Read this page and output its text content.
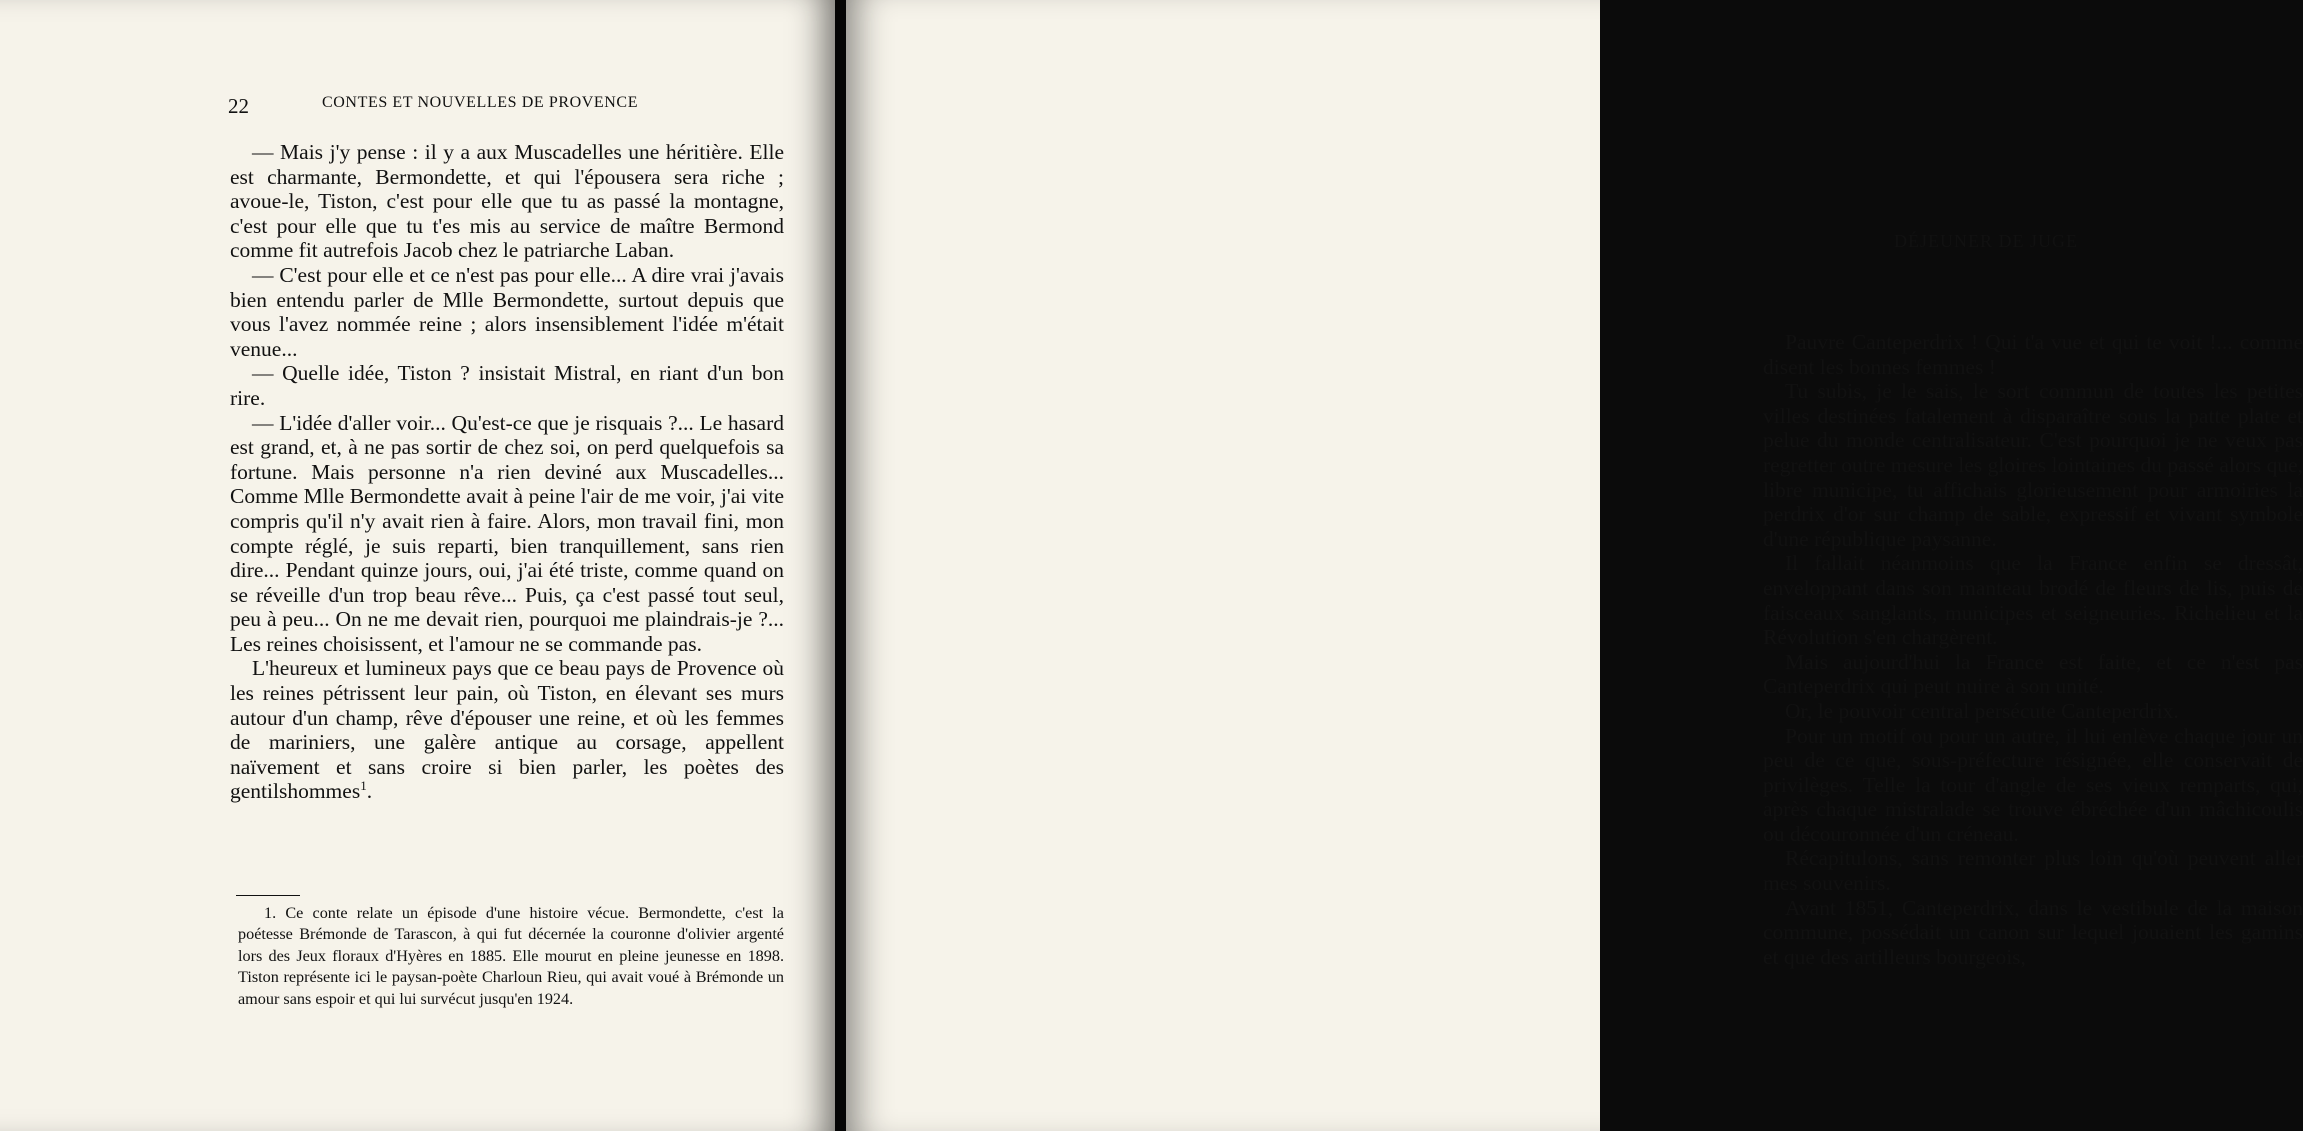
22	CONTES ET NOUVELLES DE PROVENCE

— Mais j'y pense : il y a aux Muscadelles une héritière. Elle est charmante, Bermondette, et qui l'épousera sera riche ; avoue-le, Tiston, c'est pour elle que tu as passé la montagne, c'est pour elle que tu t'es mis au service de maître Bermond comme fit autrefois Jacob chez le patriarche Laban.

— C'est pour elle et ce n'est pas pour elle... A dire vrai j'avais bien entendu parler de Mlle Bermondette, surtout depuis que vous l'avez nommée reine ; alors insensiblement l'idée m'était venue...

— Quelle idée, Tiston ? insistait Mistral, en riant d'un bon rire.

— L'idée d'aller voir... Qu'est-ce que je risquais ?... Le hasard est grand, et, à ne pas sortir de chez soi, on perd quelquefois sa fortune. Mais personne n'a rien deviné aux Muscadelles... Comme Mlle Bermondette avait à peine l'air de me voir, j'ai vite compris qu'il n'y avait rien à faire. Alors, mon travail fini, mon compte réglé, je suis reparti, bien tranquillement, sans rien dire... Pendant quinze jours, oui, j'ai été triste, comme quand on se réveille d'un trop beau rêve... Puis, ça c'est passé tout seul, peu à peu... On ne me devait rien, pourquoi me plaindrais-je ?... Les reines choisissent, et l'amour ne se commande pas.

L'heureux et lumineux pays que ce beau pays de Provence où les reines pétrissent leur pain, où Tiston, en élevant ses murs autour d'un champ, rêve d'épouser une reine, et où les femmes de mariniers, une galère antique au corsage, appellent naïvement et sans croire si bien parler, les poètes des gentilshommes$^1$.

1. Ce conte relate un épisode d'une histoire vécue. Bermondette, c'est la poétesse Brémonde de Tarascon, à qui fut décernée la couronne d'olivier argenté lors des Jeux floraux d'Hyères en 1885. Elle mourut en pleine jeunesse en 1898. Tiston représente ici le paysan-poète Charloun Rieu, qui avait voué à Brémonde un amour sans espoir et qui lui survécut jusqu'en 1924.

DÉJEUNER DE JUGE

Pauvre Canteperdrix ! Qui t'a vue et qui te voit !... comme disent les bonnes femmes !

Tu subis, je le sais, le sort commun de toutes les petites villes destinées fatalement à disparaître sous la patte plate et pelue du monde centralisateur. C'est pourquoi je ne veux pas regretter outre mesure les gloires lointaines du passé alors que, libre municipe, tu affichais glorieusement pour armoiries la perdrix d'or sur champ de sable, expressif et vivant symbole d'une république paysanne.

Il fallait néanmoins que la France enfin se dressât, enveloppant dans son manteau brodé de fleurs de lis, puis de faisceaux sanglants, municipes et seigneuries. Richelieu et la Révolution s'en chargèrent.

Mais aujourd'hui la France est faite, et ce n'est pas Canteperdrix qui peut nuire à son unité.

Or, le pouvoir central persécute Canteperdrix.

Pour un motif ou pour un autre, il lui enlève chaque jour un peu de ce que, sous-préfecture résignée, elle conservait de privilèges. Telle la tour d'angle de ses vieux remparts, qui, après chaque mistralade se trouve ébréchée d'un mâchicoulis ou découronnée d'un créneau.

Récapitulons, sans remonter plus loin qu'où peuvent aller mes souvenirs.

Avant 1851, Canteperdrix, dans le vestibule de la maison commune, possédait un canon sur lequel jouaient les gamins et que des artilleurs bourgeois,
